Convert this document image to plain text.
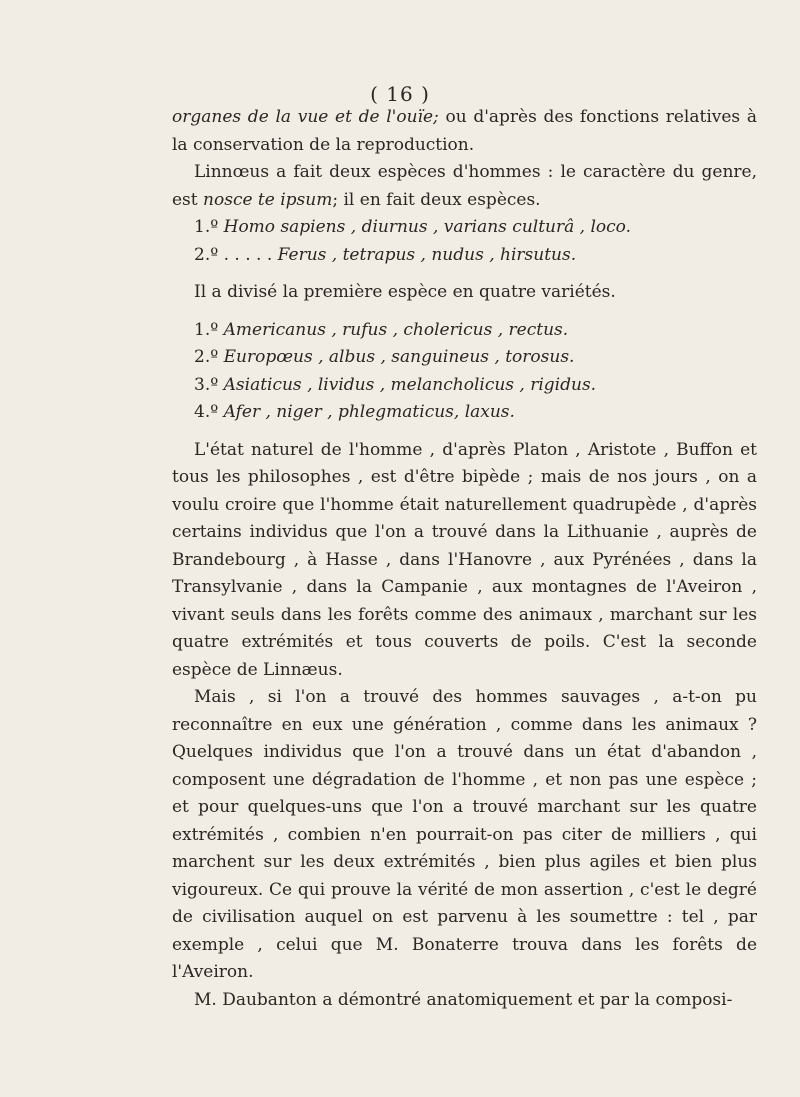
( 16 )

organes de la vue et de l'ouïe; ou d'après des fonctions relatives à la conservation de la reproduction.

Linnœus a fait deux espèces d'hommes : le caractère du genre, est nosce te ipsum; il en fait deux espèces.

1.º Homo sapiens , diurnus , varians culturâ , loco.

2.º . . . . . Ferus , tetrapus , nudus , hirsutus.

Il a divisé la première espèce en quatre variétés.

1.º Americanus , rufus , cholericus , rectus.

2.º Europœus , albus , sanguineus , torosus.

3.º Asiaticus , lividus , melancholicus , rigidus.

4.º Afer , niger , phlegmaticus, laxus.

L'état naturel de l'homme , d'après Platon , Aristote , Buffon et tous les philosophes , est d'être bipède ; mais de nos jours , on a voulu croire que l'homme était naturellement quadrupède , d'après certains individus que l'on a trouvé dans la Lithuanie , auprès de Brandebourg , à Hasse , dans l'Hanovre , aux Pyrénées , dans la Transylvanie , dans la Campanie , aux montagnes de l'Aveiron , vivant seuls dans les forêts comme des animaux , marchant sur les quatre extrémités et tous couverts de poils. C'est la seconde espèce de Linnæus.

Mais , si l'on a trouvé des hommes sauvages , a-t-on pu reconnaître en eux une génération , comme dans les animaux ? Quelques individus que l'on a trouvé dans un état d'abandon , composent une dégradation de l'homme , et non pas une espèce ; et pour quelques-uns que l'on a trouvé marchant sur les quatre extrémités , combien n'en pourrait-on pas citer de milliers , qui marchent sur les deux extrémités , bien plus agiles et bien plus vigoureux. Ce qui prouve la vérité de mon assertion , c'est le degré de civilisation auquel on est parvenu à les soumettre : tel , par exemple , celui que M. Bonaterre trouva dans les forêts de l'Aveiron.

M. Daubanton a démontré anatomiquement et par la composi-
